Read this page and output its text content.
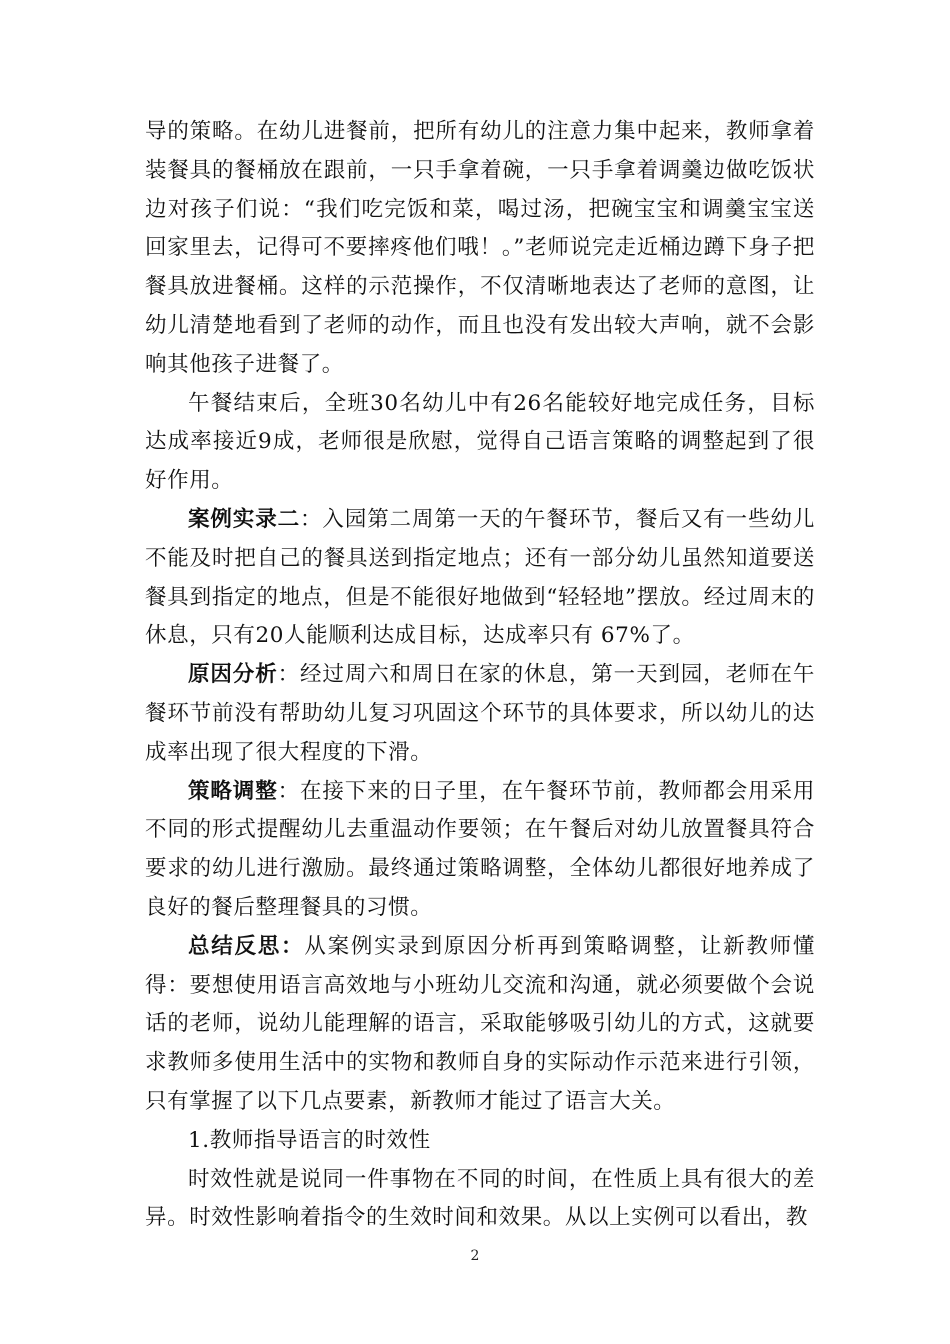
导的策略。在幼儿进餐前，把所有幼儿的注意力集中起来，教师拿着装餐具的餐桶放在跟前，一只手拿着碗，一只手拿着调羹边做吃饭状边对孩子们说：“我们吃完饭和菜，喝过汤，把碗宝宝和调羹宝宝送回家里去，记得可不要摔疼他们哦！。”老师说完走近桶边蹲下身子把餐具放进餐桶。这样的示范操作，不仅清晰地表达了老师的意图，让幼儿清楚地看到了老师的动作，而且也没有发出较大声响，就不会影响其他孩子进餐了。

午餐结束后，全班30名幼儿中有26名能较好地完成任务，目标达成率接近9成，老师很是欣慰，觉得自己语言策略的调整起到了很好作用。

案例实录二：入园第二周第一天的午餐环节，餐后又有一些幼儿不能及时把自己的餐具送到指定地点；还有一部分幼儿虽然知道要送餐具到指定的地点，但是不能很好地做到“轻轻地”摆放。经过周末的休息，只有20人能顺利达成目标，达成率只有 67%了。

原因分析：经过周六和周日在家的休息，第一天到园，老师在午餐环节前没有帮助幼儿复习巩固这个环节的具体要求，所以幼儿的达成率出现了很大程度的下滑。

策略调整：在接下来的日子里，在午餐环节前，教师都会用采用不同的形式提醒幼儿去重温动作要领；在午餐后对幼儿放置餐具符合要求的幼儿进行激励。最终通过策略调整，全体幼儿都很好地养成了良好的餐后整理餐具的习惯。

总结反思：从案例实录到原因分析再到策略调整，让新教师懂得：要想使用语言高效地与小班幼儿交流和沟通，就必须要做个会说话的老师，说幼儿能理解的语言，采取能够吸引幼儿的方式，这就要求教师多使用生活中的实物和教师自身的实际动作示范来进行引领，只有掌握了以下几点要素，新教师才能过了语言大关。

1.教师指导语言的时效性

时效性就是说同一件事物在不同的时间，在性质上具有很大的差异。时效性影响着指令的生效时间和效果。从以上实例可以看出，教

2
